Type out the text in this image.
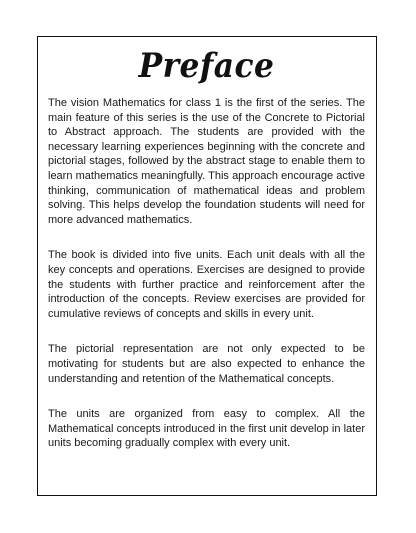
Preface

The vision Mathematics for class 1 is the first of the series. The main feature of this series is the use of the Concrete to Pictorial to Abstract approach. The students are provided with the necessary learning experiences beginning with the concrete and pictorial stages, followed by the abstract stage to enable them to learn mathematics meaningfully. This approach encourage active thinking, communication of mathematical ideas and problem solving. This helps develop the foundation students will need for more advanced mathematics.

The book is divided into five units. Each unit deals with all the key concepts and operations. Exercises are designed to provide the students with further practice and reinforcement after the introduction of the concepts. Review exercises are provided for cumulative reviews of concepts and skills in every unit.

The pictorial representation are not only expected to be motivating for students but are also expected to enhance the understanding and retention of the Mathematical concepts.

The units are organized from easy to complex. All the Mathematical concepts introduced in the first unit develop in later units becoming gradually complex with every unit.
